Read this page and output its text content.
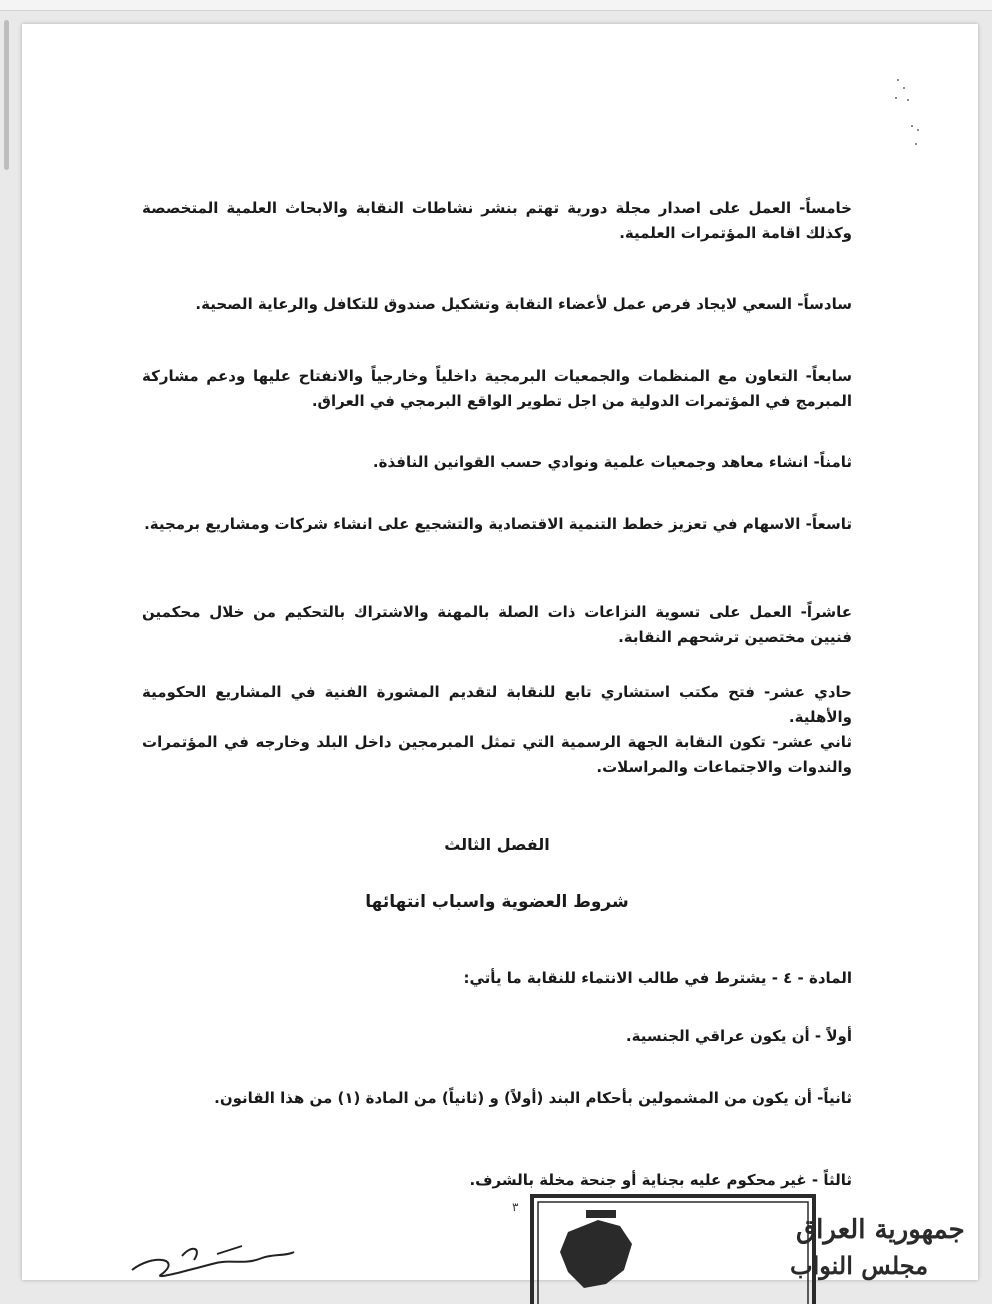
خامساً- العمل على اصدار مجلة دورية تهتم بنشر نشاطات النقابة والابحاث العلمية المتخصصة وكذلك اقامة المؤتمرات العلمية.

سادساً- السعي لايجاد فرص عمل لأعضاء النقابة وتشكيل صندوق للتكافل والرعاية الصحية.

سابعاً- التعاون مع المنظمات والجمعيات البرمجية داخلياً وخارجياً والانفتاح عليها ودعم مشاركة المبرمج في المؤتمرات الدولية من اجل تطوير الواقع البرمجي في العراق.

ثامناً- انشاء معاهد وجمعيات علمية ونوادي حسب القوانين النافذة.

تاسعاً- الاسهام في تعزيز خطط التنمية الاقتصادية والتشجيع على انشاء شركات ومشاريع برمجية.

عاشراً- العمل على تسوية النزاعات ذات الصلة بالمهنة والاشتراك بالتحكيم من خلال محكمين فنيين مختصين ترشحهم النقابة.

حادي عشر- فتح مكتب استشاري تابع للنقابة لتقديم المشورة الفنية في المشاريع الحكومية والأهلية.

ثاني عشر- تكون النقابة الجهة الرسمية التي تمثل المبرمجين داخل البلد وخارجه في المؤتمرات والندوات والاجتماعات والمراسلات.

الفصل الثالث
شروط العضوية واسباب انتهائها

المادة - ٤ - يشترط في طالب الانتماء للنقابة ما يأتي:

أولاً - أن يكون عراقي الجنسية.

ثانياً- أن يكون من المشمولين بأحكام البند (أولاً) و (ثانياً) من المادة (١) من هذا القانون.

ثالثاً - غير محكوم عليه بجناية أو جنحة مخلة بالشرف.

٣
جمهورية العراق
مجلس النواب
